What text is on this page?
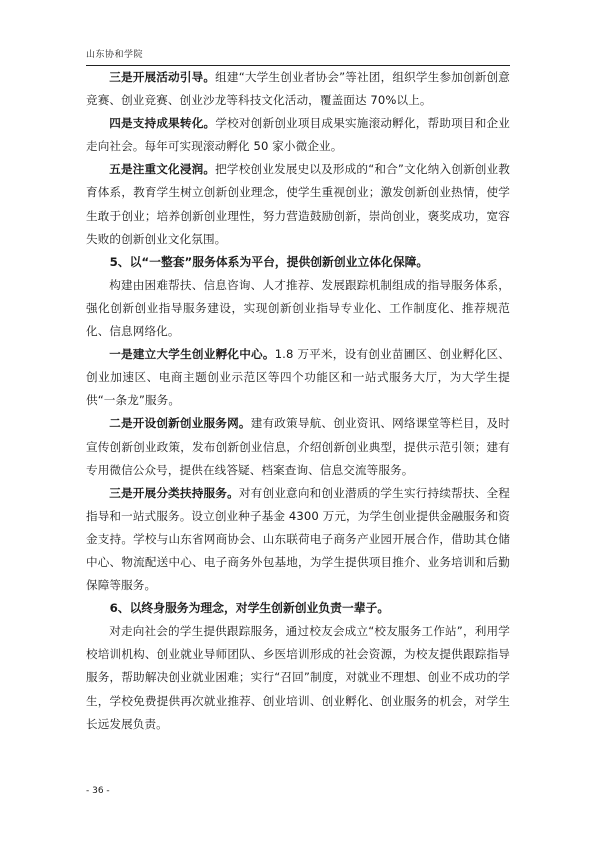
山东协和学院

三是开展活动引导。组建“大学生创业者协会”等社团，组织学生参加创新创意竞赛、创业竞赛、创业沙龙等科技文化活动，覆盖面达 70%以上。

四是支持成果转化。学校对创新创业项目成果实施滚动孵化，帮助项目和企业走向社会。每年可实现滚动孵化 50 家小微企业。

五是注重文化浸润。把学校创业发展史以及形成的“和合”文化纳入创新创业教育体系，教育学生树立创新创业理念，使学生重视创业；激发创新创业热情，使学生敢于创业；培养创新创业理性，努力营造鼓励创新，崇尚创业，褒奖成功，宽容失败的创新创业文化氛围。

5、以“一整套”服务体系为平台，提供创新创业立体化保障。

构建由困难帮扶、信息咨询、人才推荐、发展跟踪机制组成的指导服务体系，强化创新创业指导服务建设，实现创新创业指导专业化、工作制度化、推荐规范化、信息网络化。

一是建立大学生创业孵化中心。1.8 万平米，设有创业苗圃区、创业孵化区、创业加速区、电商主题创业示范区等四个功能区和一站式服务大厅，为大学生提供“一条龙”服务。

二是开设创新创业服务网。建有政策导航、创业资讯、网络课堂等栏目，及时宣传创新创业政策，发布创新创业信息，介绍创新创业典型，提供示范引领；建有专用微信公众号，提供在线答疑、档案查询、信息交流等服务。

三是开展分类扶持服务。对有创业意向和创业潜质的学生实行持续帮扶、全程指导和一站式服务。设立创业种子基金 4300 万元，为学生创业提供金融服务和资金支持。学校与山东省网商协会、山东联荷电子商务产业园开展合作，借助其仓储中心、物流配送中心、电子商务外包基地，为学生提供项目推介、业务培训和后勤保障等服务。

6、以终身服务为理念，对学生创新创业负责一辈子。

对走向社会的学生提供跟踪服务，通过校友会成立“校友服务工作站”，利用学校培训机构、创业就业导师团队、乡医培训形成的社会资源，为校友提供跟踪指导服务，帮助解决创业就业困难；实行“召回”制度，对就业不理想、创业不成功的学生，学校免费提供再次就业推荐、创业培训、创业孵化、创业服务的机会，对学生长远发展负责。

- 36 -
